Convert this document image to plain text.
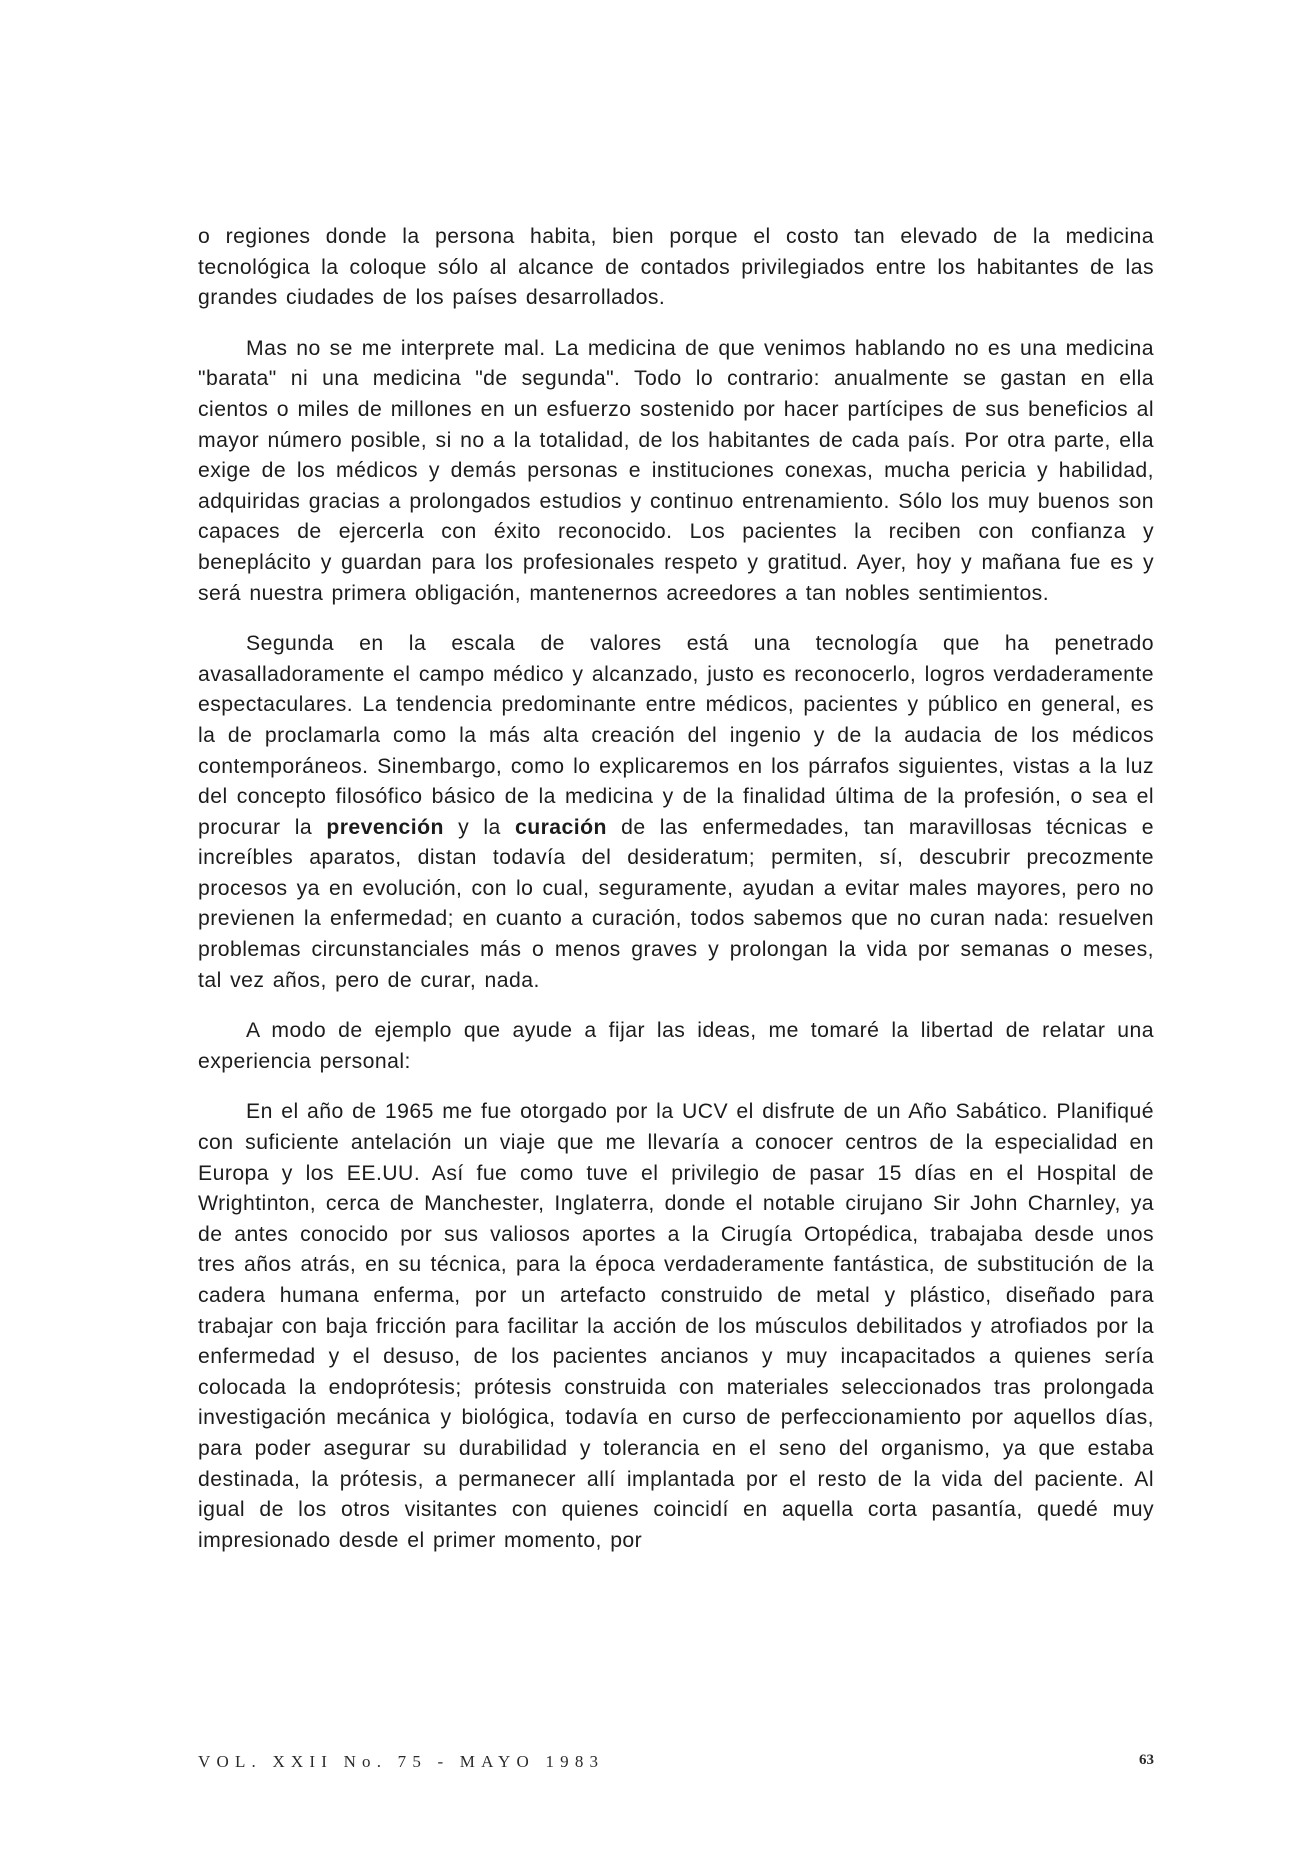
o regiones donde la persona habita, bien porque el costo tan elevado de la medicina tecnológica la coloque sólo al alcance de contados privilegiados entre los habitantes de las grandes ciudades de los países desarrollados.

Mas no se me interprete mal. La medicina de que venimos hablando no es una medicina "barata" ni una medicina "de segunda". Todo lo contrario: anualmente se gastan en ella cientos o miles de millones en un esfuerzo sostenido por hacer partícipes de sus beneficios al mayor número posible, si no a la totalidad, de los habitantes de cada país. Por otra parte, ella exige de los médicos y demás personas e instituciones conexas, mucha pericia y habilidad, adquiridas gracias a prolongados estudios y continuo entrenamiento. Sólo los muy buenos son capaces de ejercerla con éxito reconocido. Los pacientes la reciben con confianza y beneplácito y guardan para los profesionales respeto y gratitud. Ayer, hoy y mañana fue es y será nuestra primera obligación, mantenernos acreedores a tan nobles sentimientos.

Segunda en la escala de valores está una tecnología que ha penetrado avasalladoramente el campo médico y alcanzado, justo es reconocerlo, logros verdaderamente espectaculares. La tendencia predominante entre médicos, pacientes y público en general, es la de proclamarla como la más alta creación del ingenio y de la audacia de los médicos contemporáneos. Sinembargo, como lo explicaremos en los párrafos siguientes, vistas a la luz del concepto filosófico básico de la medicina y de la finalidad última de la profesión, o sea el procurar la prevención y la curación de las enfermedades, tan maravillosas técnicas e increíbles aparatos, distan todavía del desideratum; permiten, sí, descubrir precozmente procesos ya en evolución, con lo cual, seguramente, ayudan a evitar males mayores, pero no previenen la enfermedad; en cuanto a curación, todos sabemos que no curan nada: resuelven problemas circunstanciales más o menos graves y prolongan la vida por semanas o meses, tal vez años, pero de curar, nada.

A modo de ejemplo que ayude a fijar las ideas, me tomaré la libertad de relatar una experiencia personal:

En el año de 1965 me fue otorgado por la UCV el disfrute de un Año Sabático. Planifiqué con suficiente antelación un viaje que me llevaría a conocer centros de la especialidad en Europa y los EE.UU. Así fue como tuve el privilegio de pasar 15 días en el Hospital de Wrightinton, cerca de Manchester, Inglaterra, donde el notable cirujano Sir John Charnley, ya de antes conocido por sus valiosos aportes a la Cirugía Ortopédica, trabajaba desde unos tres años atrás, en su técnica, para la época verdaderamente fantástica, de substitución de la cadera humana enferma, por un artefacto construido de metal y plástico, diseñado para trabajar con baja fricción para facilitar la acción de los músculos debilitados y atrofiados por la enfermedad y el desuso, de los pacientes ancianos y muy incapacitados a quienes sería colocada la endoprótesis; prótesis construida con materiales seleccionados tras prolongada investigación mecánica y biológica, todavía en curso de perfeccionamiento por aquellos días, para poder asegurar su durabilidad y tolerancia en el seno del organismo, ya que estaba destinada, la prótesis, a permanecer allí implantada por el resto de la vida del paciente. Al igual de los otros visitantes con quienes coincidí en aquella corta pasantía, quedé muy impresionado desde el primer momento, por

VOL. XXII No. 75 - MAYO 1983	63
